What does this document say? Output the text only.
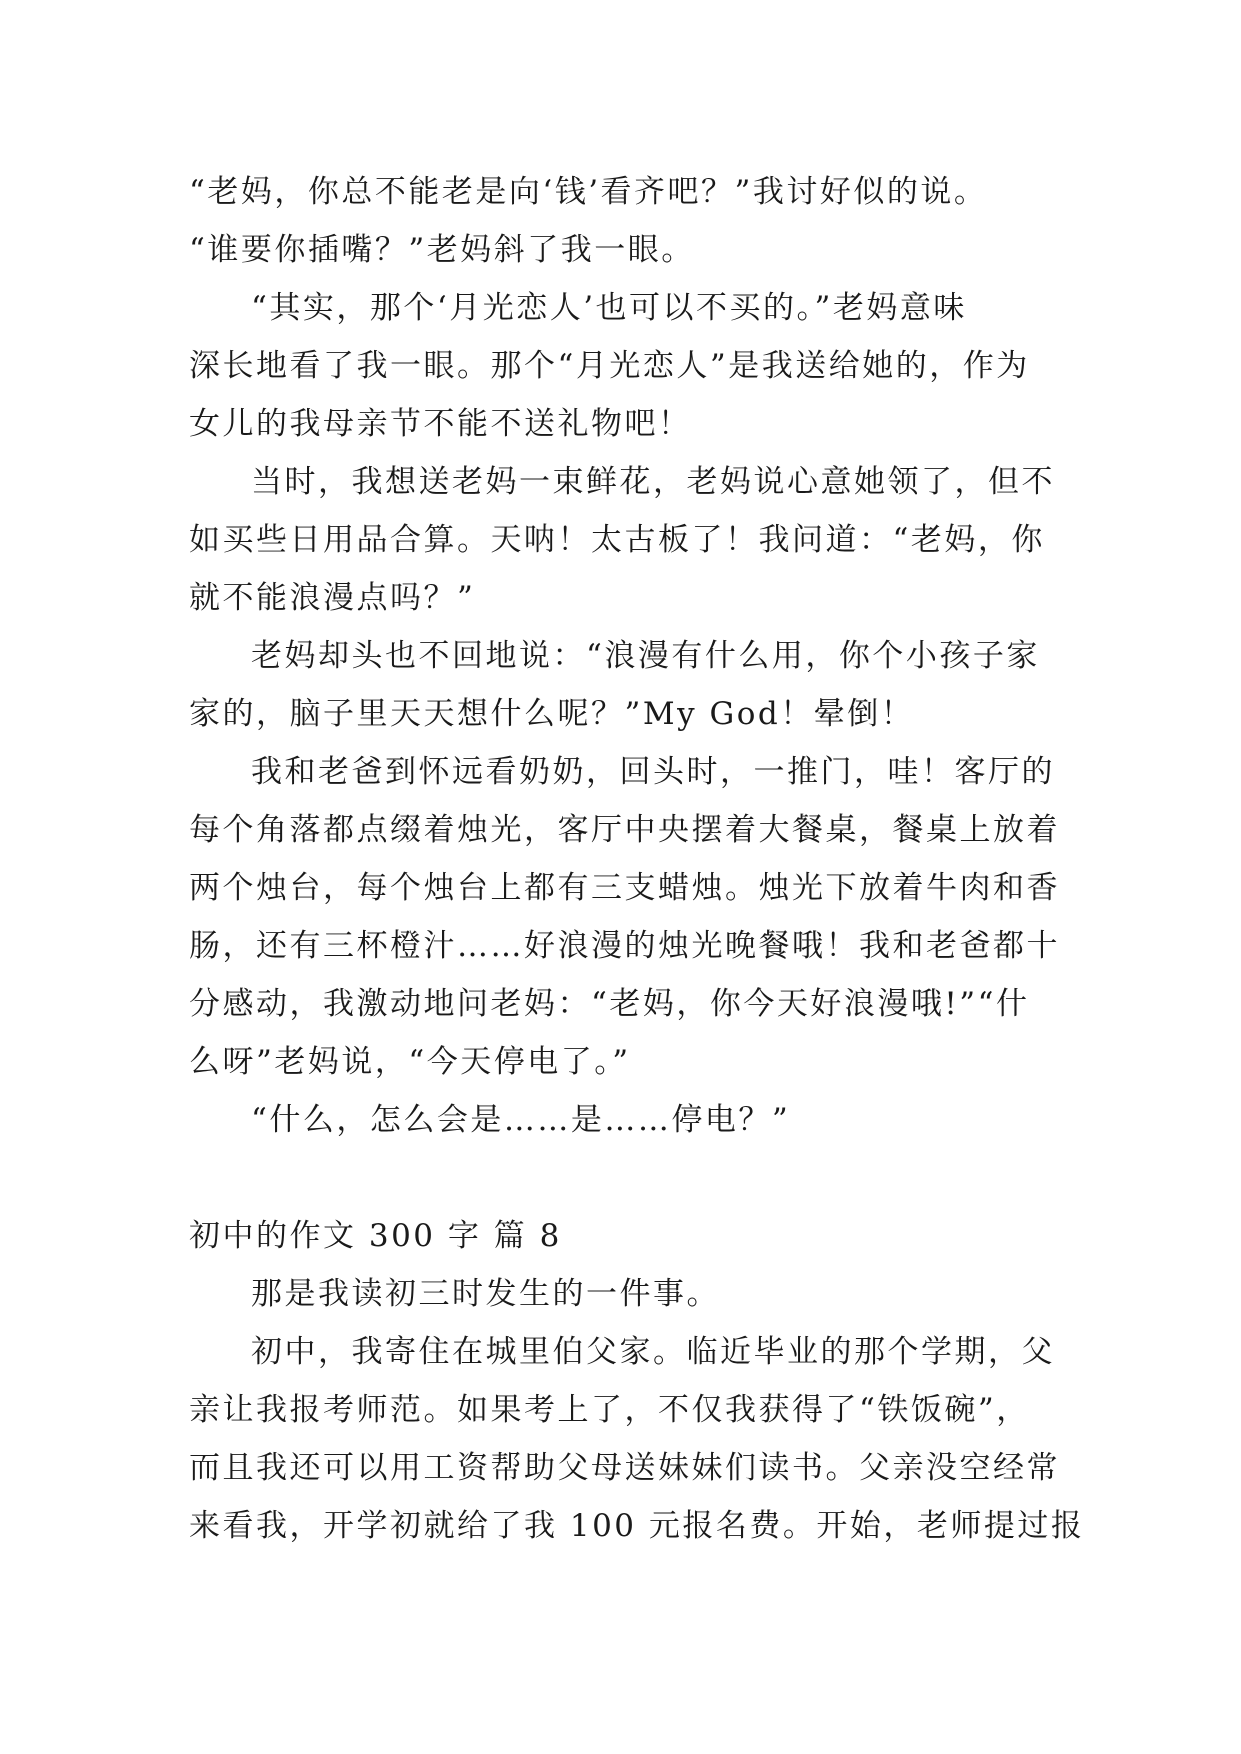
“老妈，你总不能老是向‘钱’看齐吧？”我讨好似的说。
“谁要你插嘴？”老妈斜了我一眼。
“其实，那个‘月光恋人’也可以不买的。”老妈意味
深长地看了我一眼。那个“月光恋人”是我送给她的，作为
女儿的我母亲节不能不送礼物吧！
当时，我想送老妈一束鲜花，老妈说心意她领了，但不
如买些日用品合算。天呐！太古板了！我问道：“老妈，你
就不能浪漫点吗？”
老妈却头也不回地说：“浪漫有什么用，你个小孩子家
家的，脑子里天天想什么呢？”My God！晕倒！
我和老爸到怀远看奶奶，回头时，一推门，哇！客厅的
每个角落都点缀着烛光，客厅中央摆着大餐桌，餐桌上放着
两个烛台，每个烛台上都有三支蜡烛。烛光下放着牛肉和香
肠，还有三杯橙汁……好浪漫的烛光晚餐哦！我和老爸都十
分感动，我激动地问老妈：“老妈，你今天好浪漫哦!”“什
么呀”老妈说，“今天停电了。”
“什么，怎么会是……是……停电？”
初中的作文 300 字 篇 8
那是我读初三时发生的一件事。
初中，我寄住在城里伯父家。临近毕业的那个学期，父
亲让我报考师范。如果考上了，不仅我获得了“铁饭碗”，
而且我还可以用工资帮助父母送妹妹们读书。父亲没空经常
来看我，开学初就给了我 100 元报名费。开始，老师提过报
